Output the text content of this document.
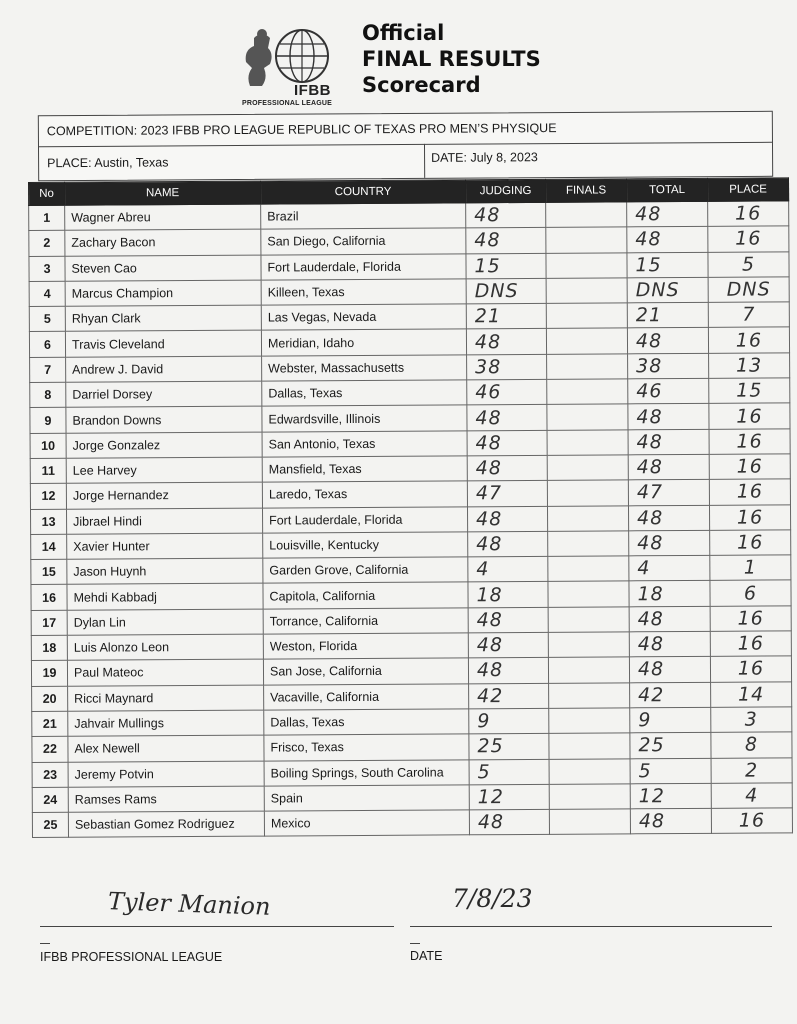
IFBB
PROFESSIONAL LEAGUE
Official
FINAL RESULTS
Scorecard
COMPETITION: 2023 IFBB PRO LEAGUE REPUBLIC OF TEXAS PRO MEN’S PHYSIQUE
PLACE: Austin, Texas	DATE: July 8, 2023
No	NAME	COUNTRY	JUDGING	FINALS	TOTAL	PLACE
1	Wagner Abreu	Brazil	48		48	16
2	Zachary Bacon	San Diego, California	48		48	16
3	Steven Cao	Fort Lauderdale, Florida	15		15	5
4	Marcus Champion	Killeen, Texas	DNS		DNS	DNS
5	Rhyan Clark	Las Vegas, Nevada	21		21	7
6	Travis Cleveland	Meridian, Idaho	48		48	16
7	Andrew J. David	Webster, Massachusetts	38		38	13
8	Darriel Dorsey	Dallas, Texas	46		46	15
9	Brandon Downs	Edwardsville, Illinois	48		48	16
10	Jorge Gonzalez	San Antonio, Texas	48		48	16
11	Lee Harvey	Mansfield, Texas	48		48	16
12	Jorge Hernandez	Laredo, Texas	47		47	16
13	Jibrael Hindi	Fort Lauderdale, Florida	48		48	16
14	Xavier Hunter	Louisville, Kentucky	48		48	16
15	Jason Huynh	Garden Grove, California	4		4	1
16	Mehdi Kabbadj	Capitola, California	18		18	6
17	Dylan Lin	Torrance, California	48		48	16
18	Luis Alonzo Leon	Weston, Florida	48		48	16
19	Paul Mateoc	San Jose, California	48		48	16
20	Ricci Maynard	Vacaville, California	42		42	14
21	Jahvair Mullings	Dallas, Texas	9		9	3
22	Alex Newell	Frisco, Texas	25		25	8
23	Jeremy Potvin	Boiling Springs, South Carolina	5		5	2
24	Ramses Rams	Spain	12		12	4
25	Sebastian Gomez Rodriguez	Mexico	48		48	16
Tyler Manion	7/8/23
IFBB PROFESSIONAL LEAGUE	DATE
